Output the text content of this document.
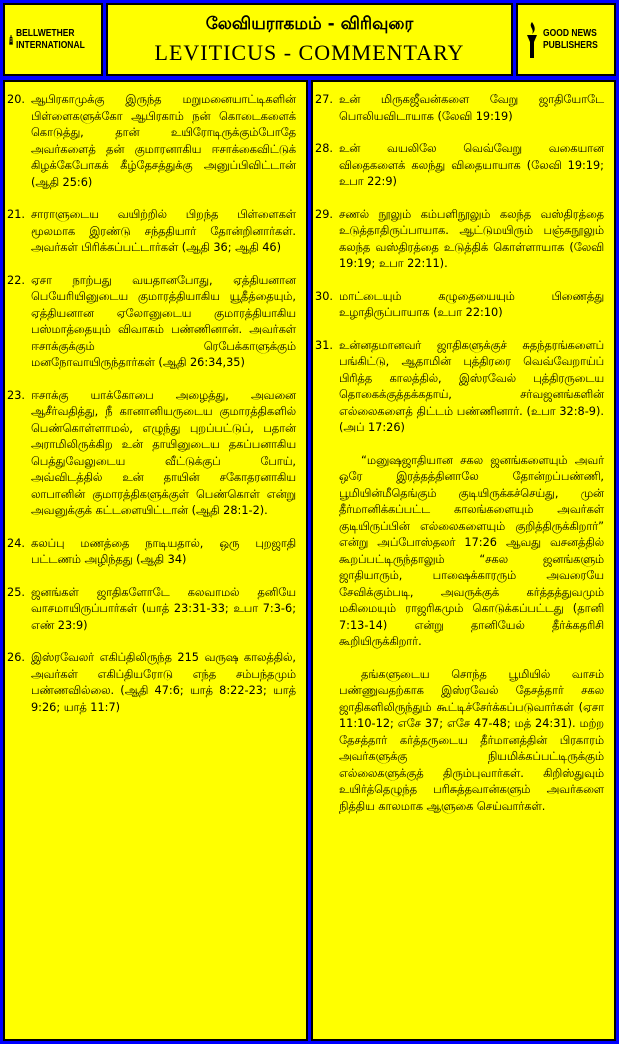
BELLWETHER
INTERNATIONAL
லேவியராகமம் - விரிவுரை
LEVITICUS - COMMENTARY
GOOD NEWS
PUBLISHERS
20. ஆபிரகாமுக்கு இருந்த மறுமனையாட்டிகளின் பிள்ளைகளுக்கோ ஆபிரகாம் நன் கொடைகளைக் கொடுத்து, தான் உயிரோடிருக்கும்போதே அவர்களைத் தன் குமாரனாகிய ஈசாக்கைவிட்டுக் கிழக்கேபோகக் கீழ்தேசத்துக்கு அனுப்பிவிட்டான் (ஆதி 25:6)

21. சாராளுடைய வயிற்றில் பிறந்த பிள்ளைகள் மூலமாக இரண்டு சந்ததியார் தோன்றினார்கள். அவர்கள் பிரிக்கப்பட்டார்கள் (ஆதி 36; ஆதி 46)

22. ஏசா நாற்பது வயதானபோது, ஏத்தியனான பெயேரியினுடைய குமாரத்தியாகிய யூதீத்தையும், ஏத்தியனான ஏலோனுடைய குமாரத்தியாகிய பஸ்மாத்தையும் விவாகம் பண்ணினான். அவர்கள் ஈசாக்குக்கும் ரெபேக்காளுக்கும் மனநோவாயிருந்தார்கள் (ஆதி 26:34,35)

23. ஈசாக்கு யாக்கோபை அழைத்து, அவனை ஆசீர்வதித்து, நீ கானானியருடைய குமாரத்திகளில் பெண்கொள்ளாமல், எழுந்து புறப்பட்டுப், பதான் அராமிலிருக்கிற உன் தாயினுடைய தகப்பனாகிய பெத்துவேலுடைய வீட்டுக்குப் போய், அவ்விடத்தில் உன் தாயின் சகோதரனாகிய லாபானின் குமாரத்திகளுக்குள் பெண்கொள் என்று அவனுக்குக் கட்டளையிட்டான் (ஆதி 28:1-2).

24. கலப்பு மணத்தை நாடியதால், ஒரு புறஜாதி பட்டணம் அழிந்தது (ஆதி 34)

25. ஜனங்கள் ஜாதிகளோடே கலவாமல் தனியே வாசமாயிருப்பார்கள் (யாத் 23:31-33; உபா 7:3-6; எண் 23:9)

26. இஸ்ரவேலர் எகிப்திலிருந்த 215 வருஷ காலத்தில், அவர்கள் எகிப்தியரோடு எந்த சம்பந்தமும் பண்ணவில்லை. (ஆதி 47:6; யாத் 8:22-23; யாத் 9:26; யாத் 11:7)

27. உன் மிருகஜீவன்களை வேறு ஜாதியோடே பொலியவிடாயாக (லேவி 19:19)

28. உன் வயலிலே வெவ்வேறு வகையான விதைகளைக் கலந்து விதையாயாக (லேவி 19:19; உபா 22:9)

29. சணல் நூலும் கம்பளிநூலும் கலந்த வஸ்திரத்தை உடுத்தாதிருப்பாயாக. ஆட்டுமயிரும் பஞ்சுநூலும் கலந்த வஸ்திரத்தை உடுத்திக் கொள்ளாயாக (லேவி 19:19; உபா 22:11).

30. மாட்டையும் கழுதையையும் பிணைத்து உழாதிருப்பாயாக (உபா 22:10)

31. உன்னதமானவர் ஜாதிகளுக்குச் சுதந்தரங்களைப் பங்கிட்டு, ஆதாமின் புத்திரரை வெவ்வேறாய்ப் பிரித்த காலத்தில், இஸ்ரவேல் புத்திரருடைய தொகைக்குத்தக்கதாய், சர்வஜனங்களின் எல்லைகளைத் திட்டம் பண்ணினார். (உபா 32:8-9). (அப் 17:26)

“மனுஷஜாதியான சகல ஜனங்களையும் அவர் ஒரே இரத்தத்தினாலே தோன்றப்பண்ணி, பூமியின்மீதெங்கும் குடியிருக்கச்செய்து, முன் தீர்மானிக்கப்பட்ட காலங்களையும் அவர்கள் குடியிருப்பின் எல்லைகளையும் குறித்திருக்கிறார்” என்று அப்போஸ்தலர் 17:26 ஆவது வசனத்தில் கூறப்பட்டிருந்தாலும் “சகல ஜனங்களும் ஜாதியாரும், பாஷைக்காரரும் அவரையே சேவிக்கும்படி, அவருக்குக் கர்த்தத்துவமும் மகிமையும் ராஜரிகமும் கொடுக்கப்பட்டது (தானி 7:13-14) என்று தானியேல் தீர்க்கதரிசி கூறியிருக்கிறார்.

தங்களுடைய சொந்த பூமியில் வாசம் பண்ணுவதற்காக இஸ்ரவேல் தேசத்தார் சகல ஜாதிகளிலிருந்தும் கூட்டிச்சேர்க்கப்படுவார்கள் (ஏசா 11:10-12; எசே 37; எசே 47-48; மத் 24:31). மற்ற தேசத்தார் கர்த்தருடைய தீர்மானத்தின் பிரகாரம் அவர்களுக்கு நியமிக்கப்பட்டிருக்கும் எல்லைகளுக்குத் திரும்புவார்கள். கிறிஸ்துவும் உயிர்த்தெழுந்த பரிசுத்தவான்களும் அவர்களை நித்திய காலமாக ஆளுகை செய்வார்கள்.
